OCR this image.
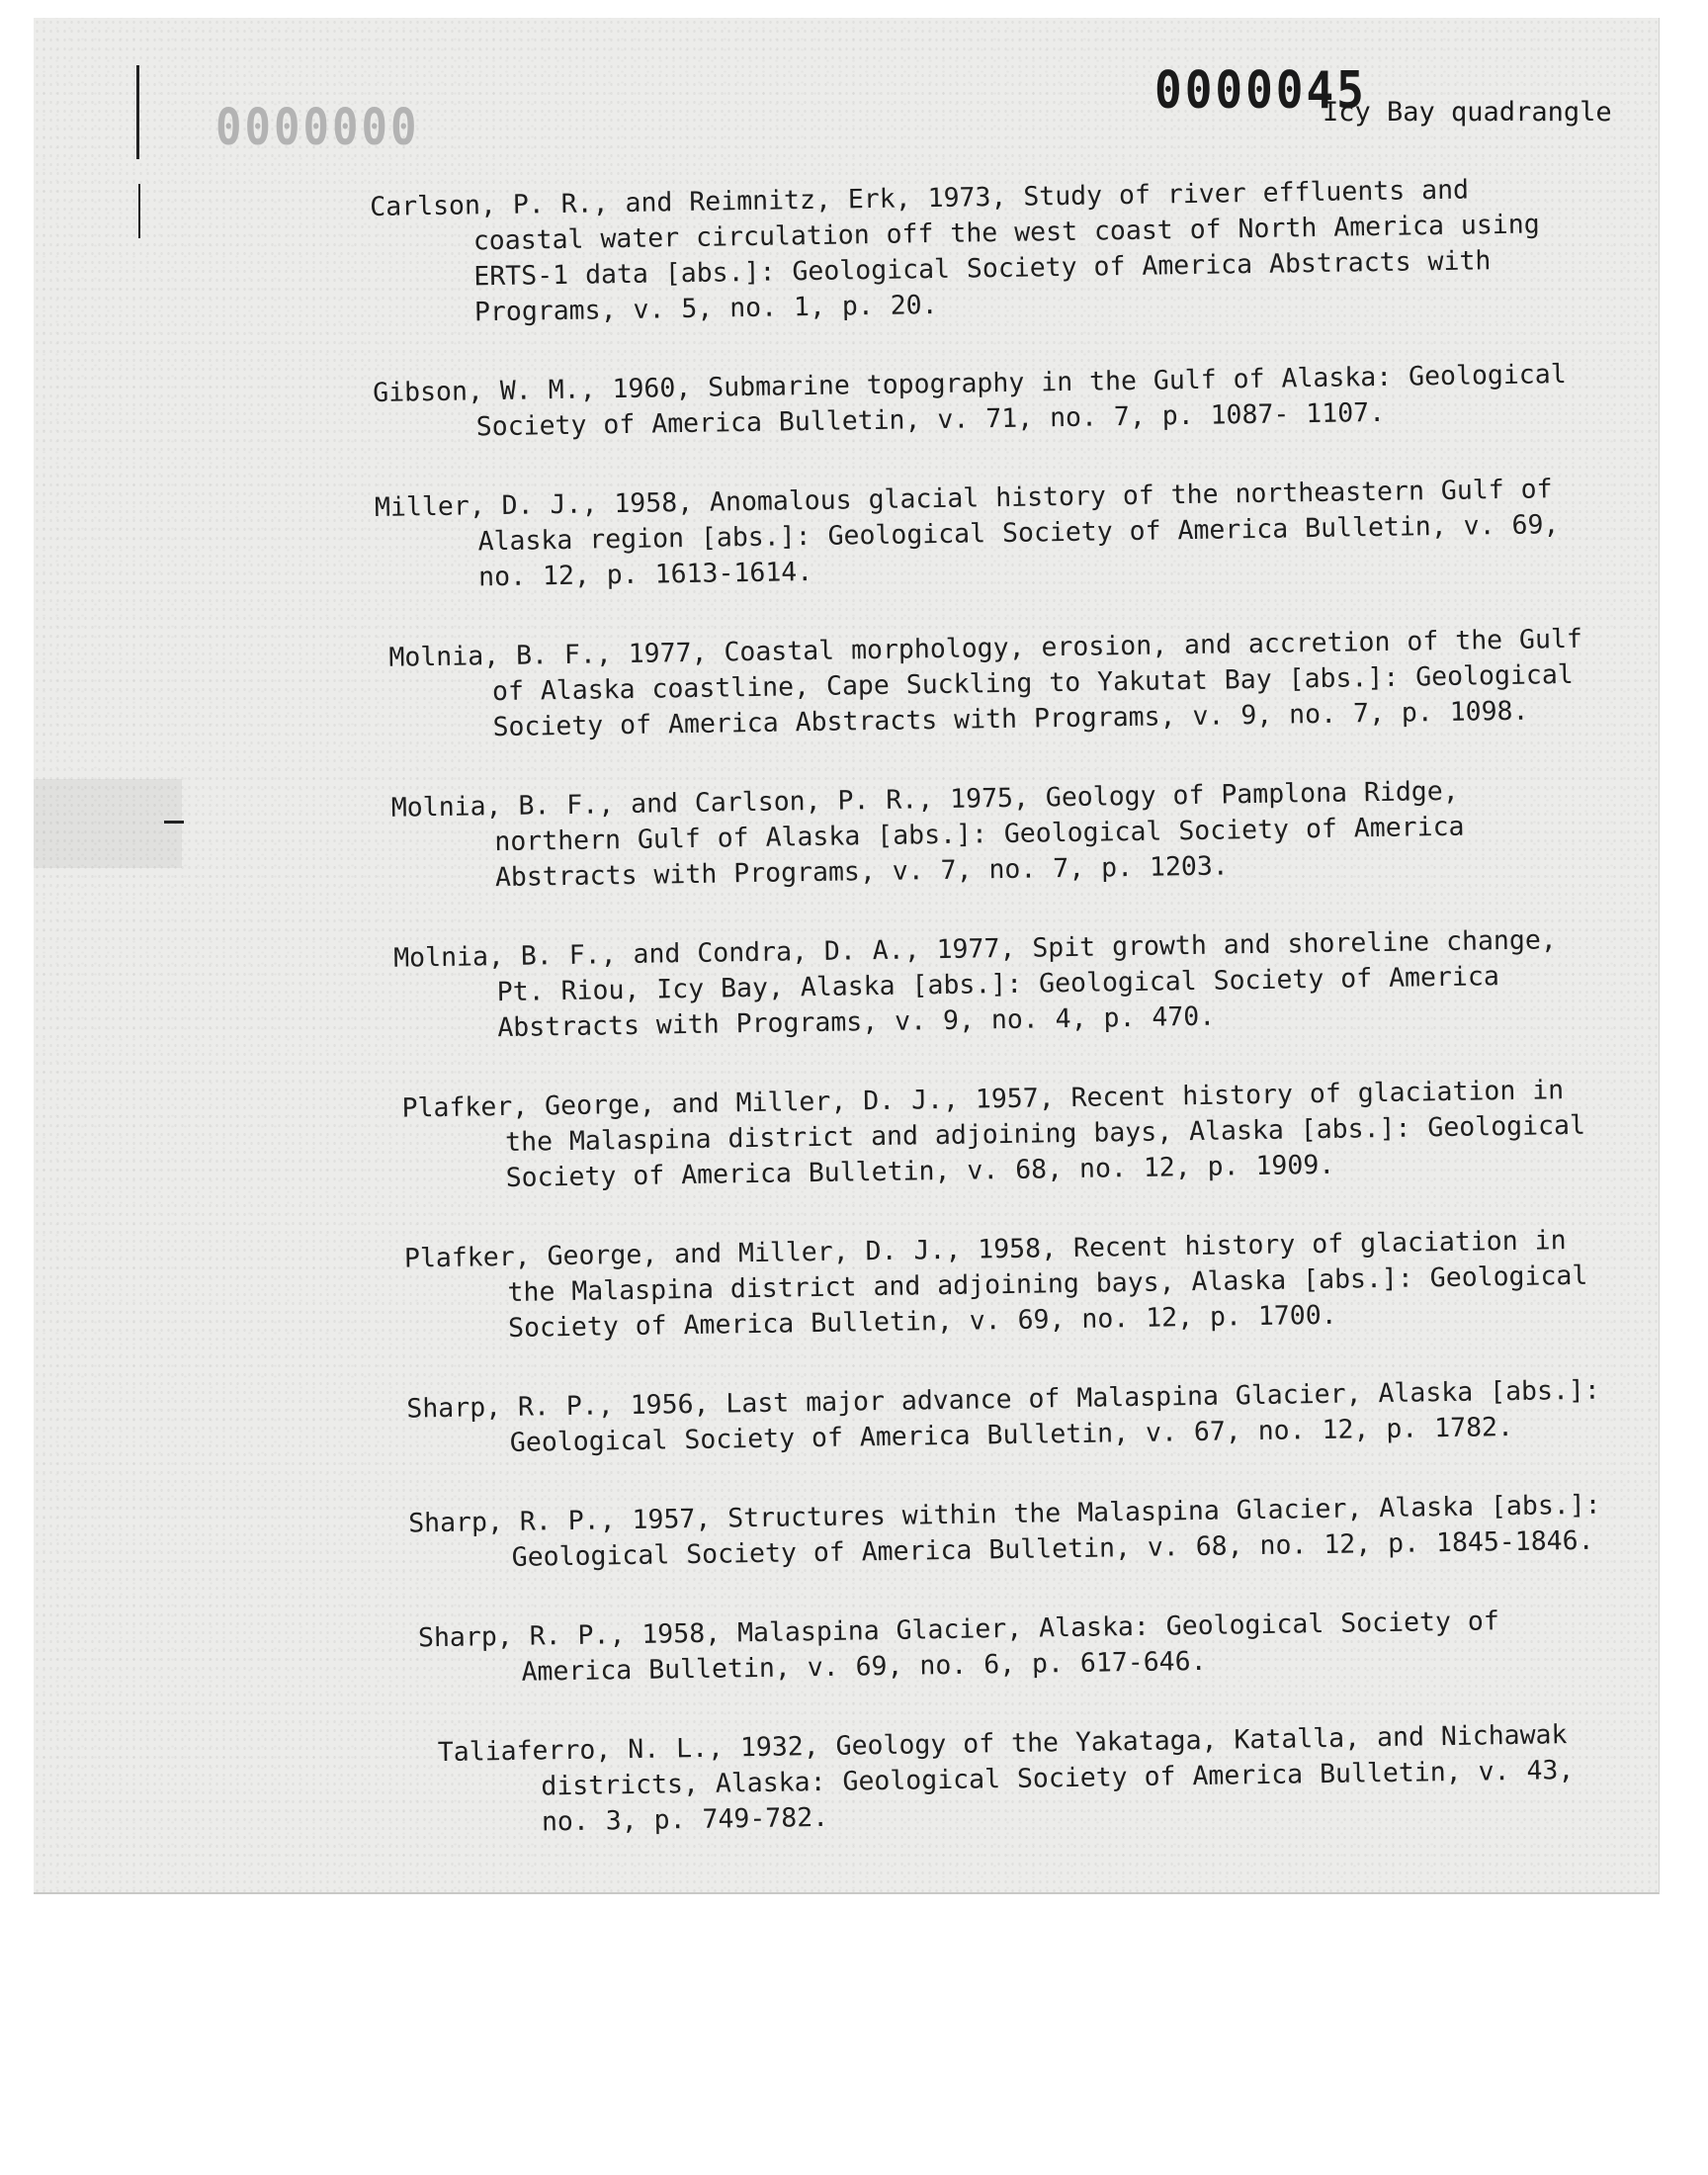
0000000
0000045
Icy Bay quadrangle
Carlson, P. R., and Reimnitz, Erk, 1973, Study of river effluents and coastal water circulation off the west coast of North America using ERTS-1 data [abs.]: Geological Society of America Abstracts with Programs, v. 5, no. 1, p. 20.
Gibson, W. M., 1960, Submarine topography in the Gulf of Alaska: Geological Society of America Bulletin, v. 71, no. 7, p. 1087- 1107.
Miller, D. J., 1958, Anomalous glacial history of the northeastern Gulf of Alaska region [abs.]: Geological Society of America Bulletin, v. 69, no. 12, p. 1613-1614.
Molnia, B. F., 1977, Coastal morphology, erosion, and accretion of the Gulf of Alaska coastline, Cape Suckling to Yakutat Bay [abs.]: Geological Society of America Abstracts with Programs, v. 9, no. 7, p. 1098.
Molnia, B. F., and Carlson, P. R., 1975, Geology of Pamplona Ridge, northern Gulf of Alaska [abs.]: Geological Society of America Abstracts with Programs, v. 7, no. 7, p. 1203.
Molnia, B. F., and Condra, D. A., 1977, Spit growth and shoreline change, Pt. Riou, Icy Bay, Alaska [abs.]: Geological Society of America Abstracts with Programs, v. 9, no. 4, p. 470.
Plafker, George, and Miller, D. J., 1957, Recent history of glaciation in the Malaspina district and adjoining bays, Alaska [abs.]: Geological Society of America Bulletin, v. 68, no. 12, p. 1909.
Plafker, George, and Miller, D. J., 1958, Recent history of glaciation in the Malaspina district and adjoining bays, Alaska [abs.]: Geological Society of America Bulletin, v. 69, no. 12, p. 1700.
Sharp, R. P., 1956, Last major advance of Malaspina Glacier, Alaska [abs.]: Geological Society of America Bulletin, v. 67, no. 12, p. 1782.
Sharp, R. P., 1957, Structures within the Malaspina Glacier, Alaska [abs.]: Geological Society of America Bulletin, v. 68, no. 12, p. 1845-1846.
Sharp, R. P., 1958, Malaspina Glacier, Alaska: Geological Society of America Bulletin, v. 69, no. 6, p. 617-646.
Taliaferro, N. L., 1932, Geology of the Yakataga, Katalla, and Nichawak districts, Alaska: Geological Society of America Bulletin, v. 43, no. 3, p. 749-782.
